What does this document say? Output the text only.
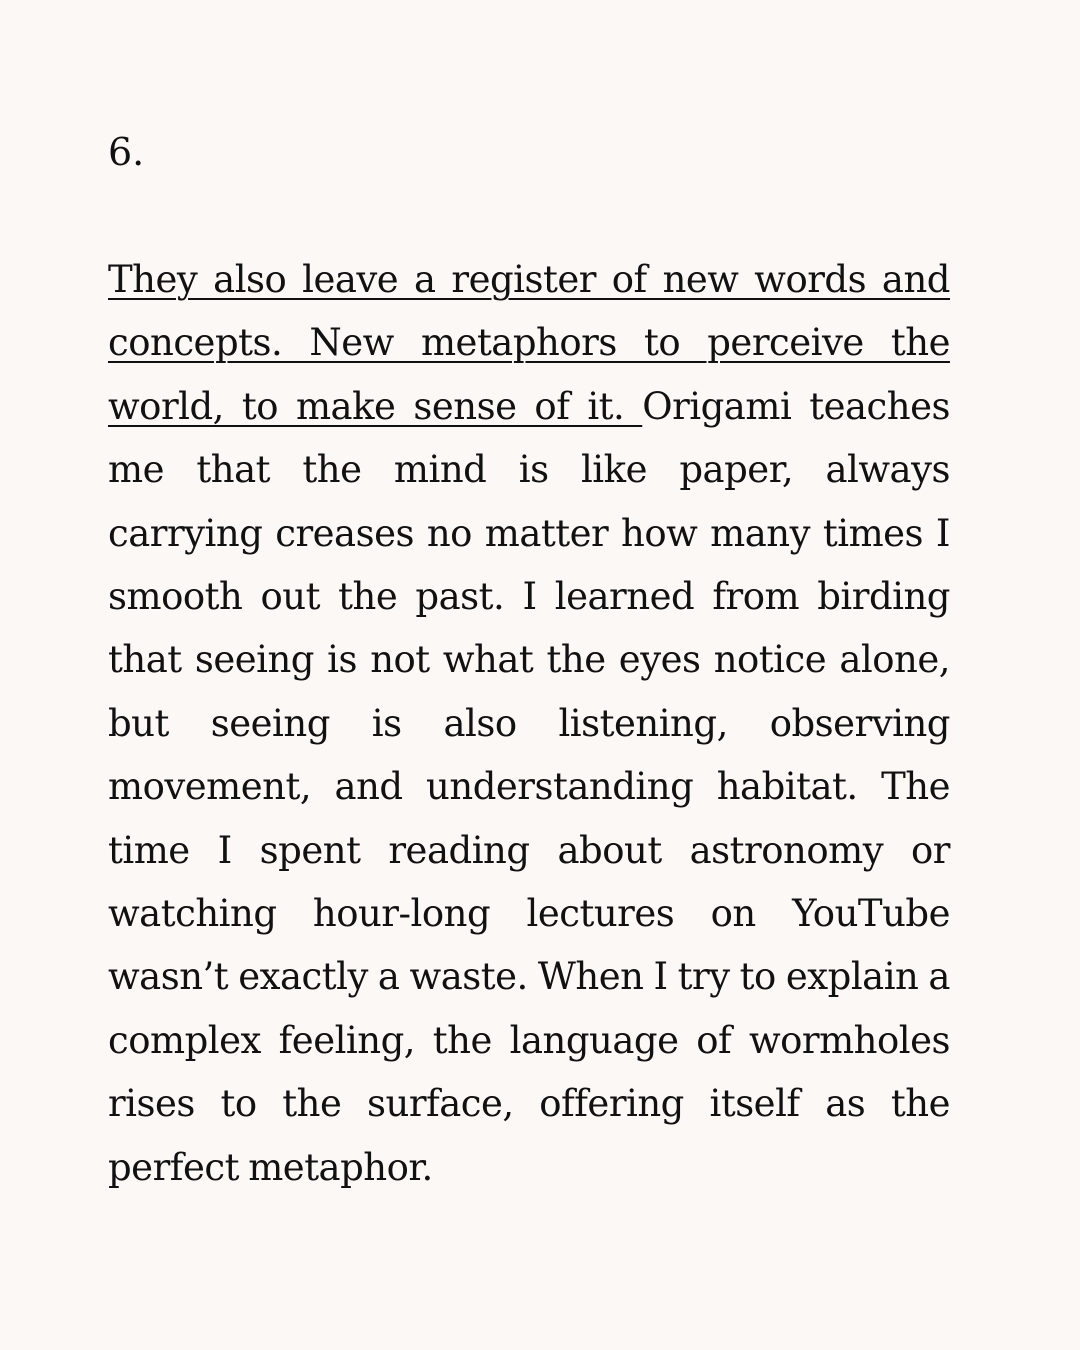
6.

They also leave a register of new words and concepts. New metaphors to perceive the world, to make sense of it. Origami teaches me that the mind is like paper, always carrying creases no matter how many times I smooth out the past. I learned from birding that seeing is not what the eyes notice alone, but seeing is also listening, observing movement, and understanding habitat. The time I spent reading about astronomy or watching hour-long lectures on YouTube wasn’t exactly a waste. When I try to explain a complex feeling, the language of wormholes rises to the surface, offering itself as the perfect metaphor.
